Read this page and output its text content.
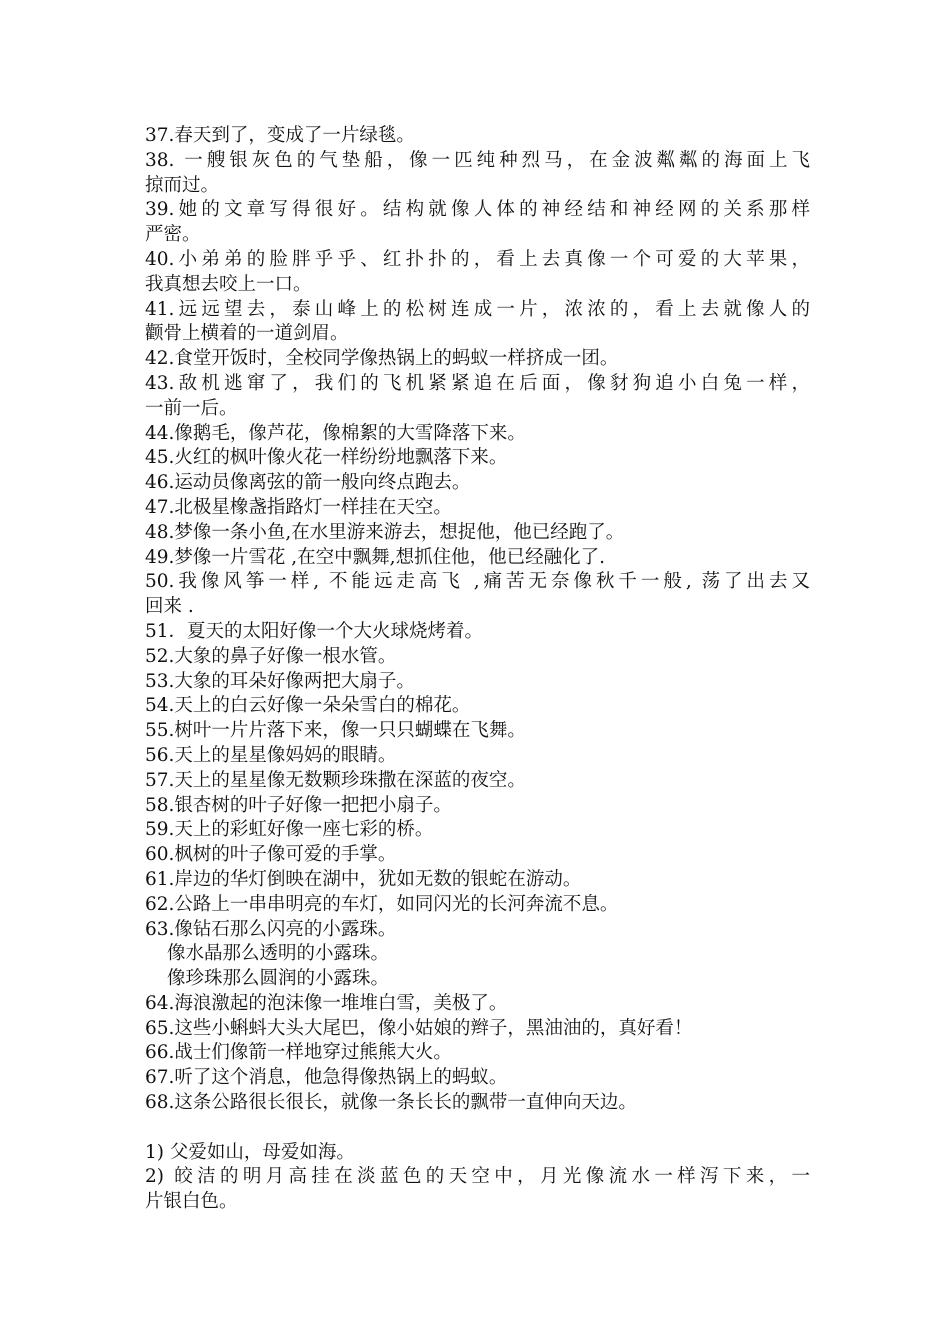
37.春天到了，变成了一片绿毯。
38. 一艘银灰色的气垫船，像一匹纯种烈马，在金波粼粼的海面上飞
掠而过。
39.她的文章写得很好。结构就像人体的神经结和神经网的关系那样
严密。
40.小弟弟的脸胖乎乎、红扑扑的，看上去真像一个可爱的大苹果，
我真想去咬上一口。
41.远远望去，泰山峰上的松树连成一片，浓浓的，看上去就像人的
颧骨上横着的一道剑眉。
42.食堂开饭时，全校同学像热锅上的蚂蚁一样挤成一团。
43.敌机逃窜了，我们的飞机紧紧追在后面，像豺狗追小白兔一样，
一前一后。
44.像鹅毛，像芦花，像棉絮的大雪降落下来。
45.火红的枫叶像火花一样纷纷地飘落下来。
46.运动员像离弦的箭一般向终点跑去。
47.北极星橡盏指路灯一样挂在天空。
48.梦像一条小鱼,在水里游来游去，想捉他，他已经跑了。
49.梦像一片雪花 ,在空中飘舞,想抓住他，他已经融化了.
50.我像风筝一样, 不能远走高飞 ,痛苦无奈像秋千一般, 荡了出去又
回来 .
51．夏天的太阳好像一个大火球烧烤着。
52.大象的鼻子好像一根水管。
53.大象的耳朵好像两把大扇子。
54.天上的白云好像一朵朵雪白的棉花。
55.树叶一片片落下来，像一只只蝴蝶在飞舞。
56.天上的星星像妈妈的眼睛。
57.天上的星星像无数颗珍珠撒在深蓝的夜空。
58.银杏树的叶子好像一把把小扇子。
59.天上的彩虹好像一座七彩的桥。
60.枫树的叶子像可爱的手掌。
61.岸边的华灯倒映在湖中，犹如无数的银蛇在游动。
62.公路上一串串明亮的车灯，如同闪光的长河奔流不息。
63.像钻石那么闪亮的小露珠。
像水晶那么透明的小露珠。
像珍珠那么圆润的小露珠。
64.海浪激起的泡沫像一堆堆白雪，美极了。
65.这些小蝌蚪大头大尾巴，像小姑娘的辫子，黑油油的，真好看！
66.战士们像箭一样地穿过熊熊大火。
67.听了这个消息，他急得像热锅上的蚂蚁。
68.这条公路很长很长，就像一条长长的飘带一直伸向天边。
1) 父爱如山，母爱如海。
2) 皎洁的明月高挂在淡蓝色的天空中，月光像流水一样泻下来，一
片银白色。
